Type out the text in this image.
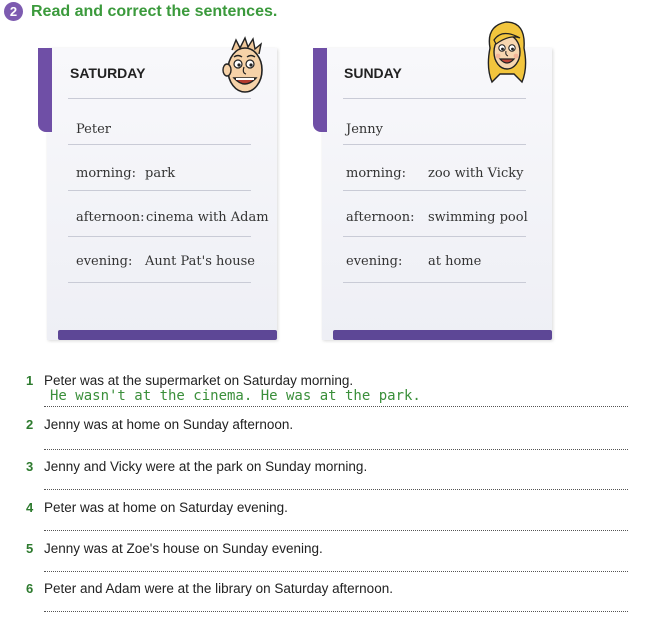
2 Read and correct the sentences.
SATURDAY
Peter
morning: park
afternoon: cinema with Adam
evening: Aunt Pat's house
SUNDAY
Jenny
morning: zoo with Vicky
afternoon: swimming pool
evening: at home
1 Peter was at the supermarket on Saturday morning.
He wasn't at the cinema. He was at the park.
2 Jenny was at home on Sunday afternoon.
3 Jenny and Vicky were at the park on Sunday morning.
4 Peter was at home on Saturday evening.
5 Jenny was at Zoe's house on Sunday evening.
6 Peter and Adam were at the library on Saturday afternoon.
